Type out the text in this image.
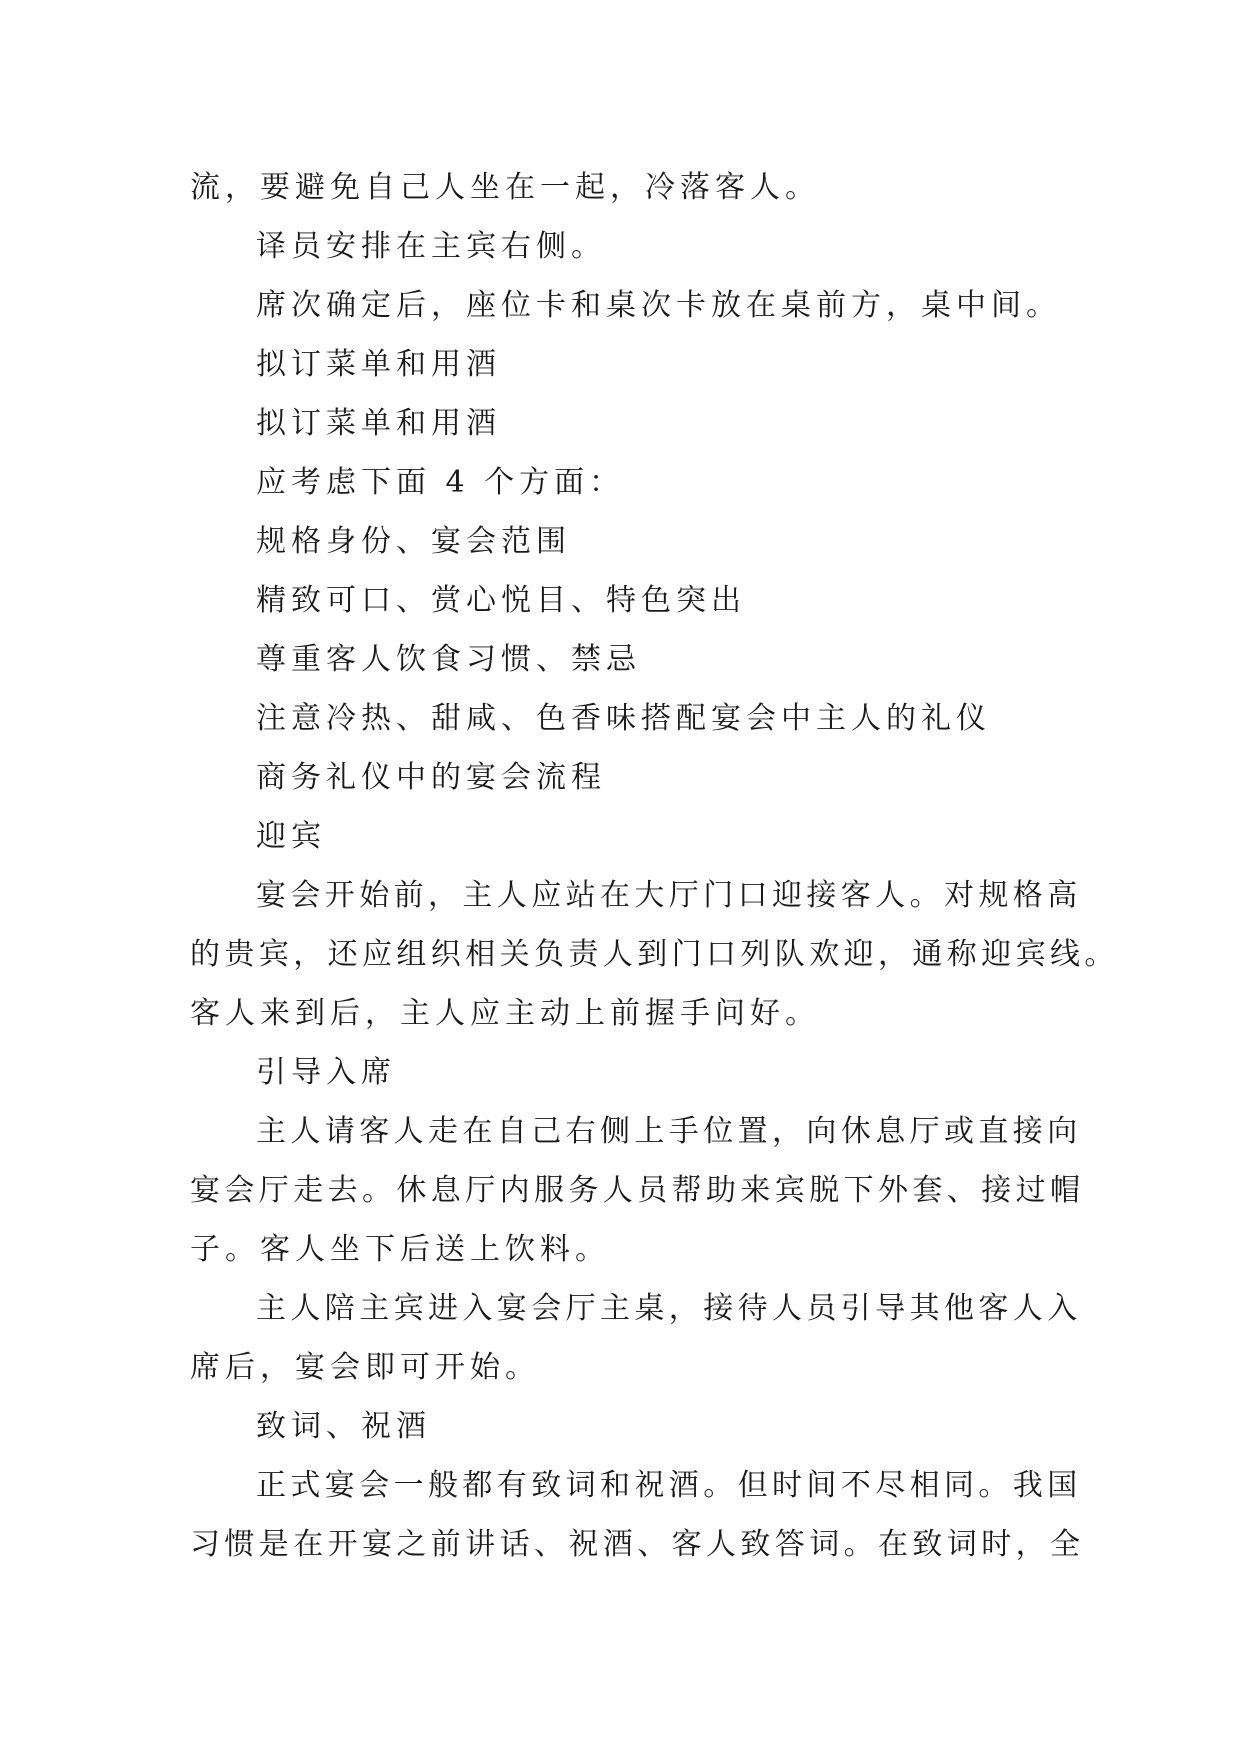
流，要避免自己人坐在一起，冷落客人。
译员安排在主宾右侧。
席次确定后，座位卡和桌次卡放在桌前方，桌中间。
拟订菜单和用酒
拟订菜单和用酒
应考虑下面 4 个方面：
规格身份、宴会范围
精致可口、赏心悦目、特色突出
尊重客人饮食习惯、禁忌
注意冷热、甜咸、色香味搭配宴会中主人的礼仪
商务礼仪中的宴会流程
迎宾
宴会开始前，主人应站在大厅门口迎接客人。对规格高
的贵宾，还应组织相关负责人到门口列队欢迎，通称迎宾线。
客人来到后，主人应主动上前握手问好。
引导入席
主人请客人走在自己右侧上手位置，向休息厅或直接向
宴会厅走去。休息厅内服务人员帮助来宾脱下外套、接过帽
子。客人坐下后送上饮料。
主人陪主宾进入宴会厅主桌，接待人员引导其他客人入
席后，宴会即可开始。
致词、祝酒
正式宴会一般都有致词和祝酒。但时间不尽相同。我国
习惯是在开宴之前讲话、祝酒、客人致答词。在致词时，全
